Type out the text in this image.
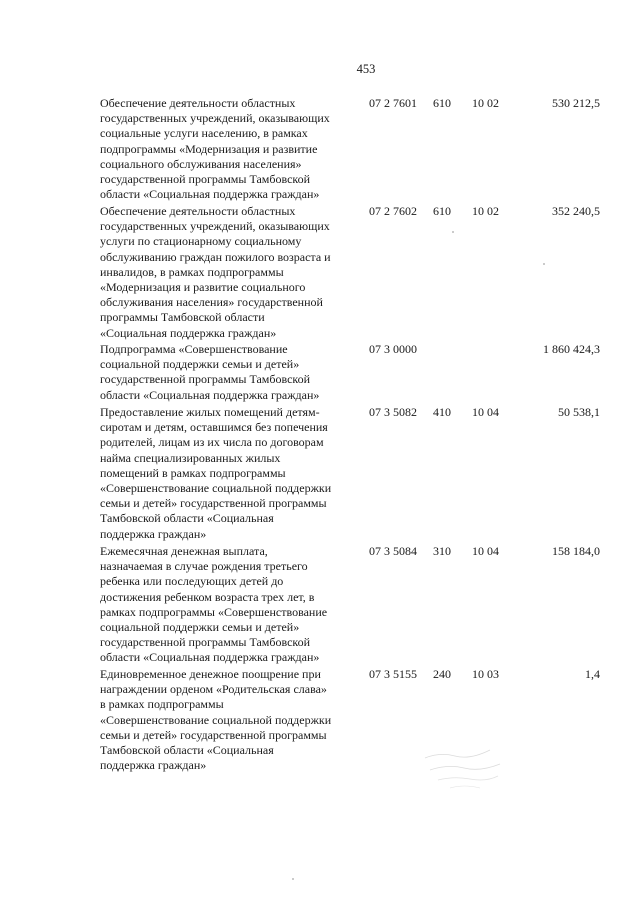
453
Обеспечение деятельности областных
государственных учреждений, оказывающих
социальные услуги населению, в рамках
подпрограммы «Модернизация и развитие
социального обслуживания населения»
государственной программы Тамбовской
области «Социальная поддержка граждан»
07 2 7601 610 10 02	530 212,5
Обеспечение деятельности областных
государственных учреждений, оказывающих
услуги по стационарному социальному
обслуживанию граждан пожилого возраста и
инвалидов, в рамках подпрограммы
«Модернизация и развитие социального
обслуживания населения» государственной
программы Тамбовской области
«Социальная поддержка граждан»
07 2 7602 610 10 02	352 240,5
Подпрограмма «Совершенствование
социальной поддержки семьи и детей»
государственной программы Тамбовской
области «Социальная поддержка граждан»
07 3 0000	1 860 424,3
Предоставление жилых помещений детям-
сиротам и детям, оставшимся без попечения
родителей, лицам из их числа по договорам
найма специализированных жилых
помещений в рамках подпрограммы
«Совершенствование социальной поддержки
семьи и детей» государственной программы
Тамбовской области «Социальная
поддержка граждан»
07 3 5082 410 10 04	50 538,1
Ежемесячная денежная выплата,
назначаемая в случае рождения третьего
ребенка или последующих детей до
достижения ребенком возраста трех лет, в
рамках подпрограммы «Совершенствование
социальной поддержки семьи и детей»
государственной программы Тамбовской
области «Социальная поддержка граждан»
07 3 5084 310 10 04	158 184,0
Единовременное денежное поощрение при
награждении орденом «Родительская слава»
в рамках подпрограммы
«Совершенствование социальной поддержки
семьи и детей» государственной программы
Тамбовской области «Социальная
поддержка граждан»
07 3 5155 240 10 03	1,4
